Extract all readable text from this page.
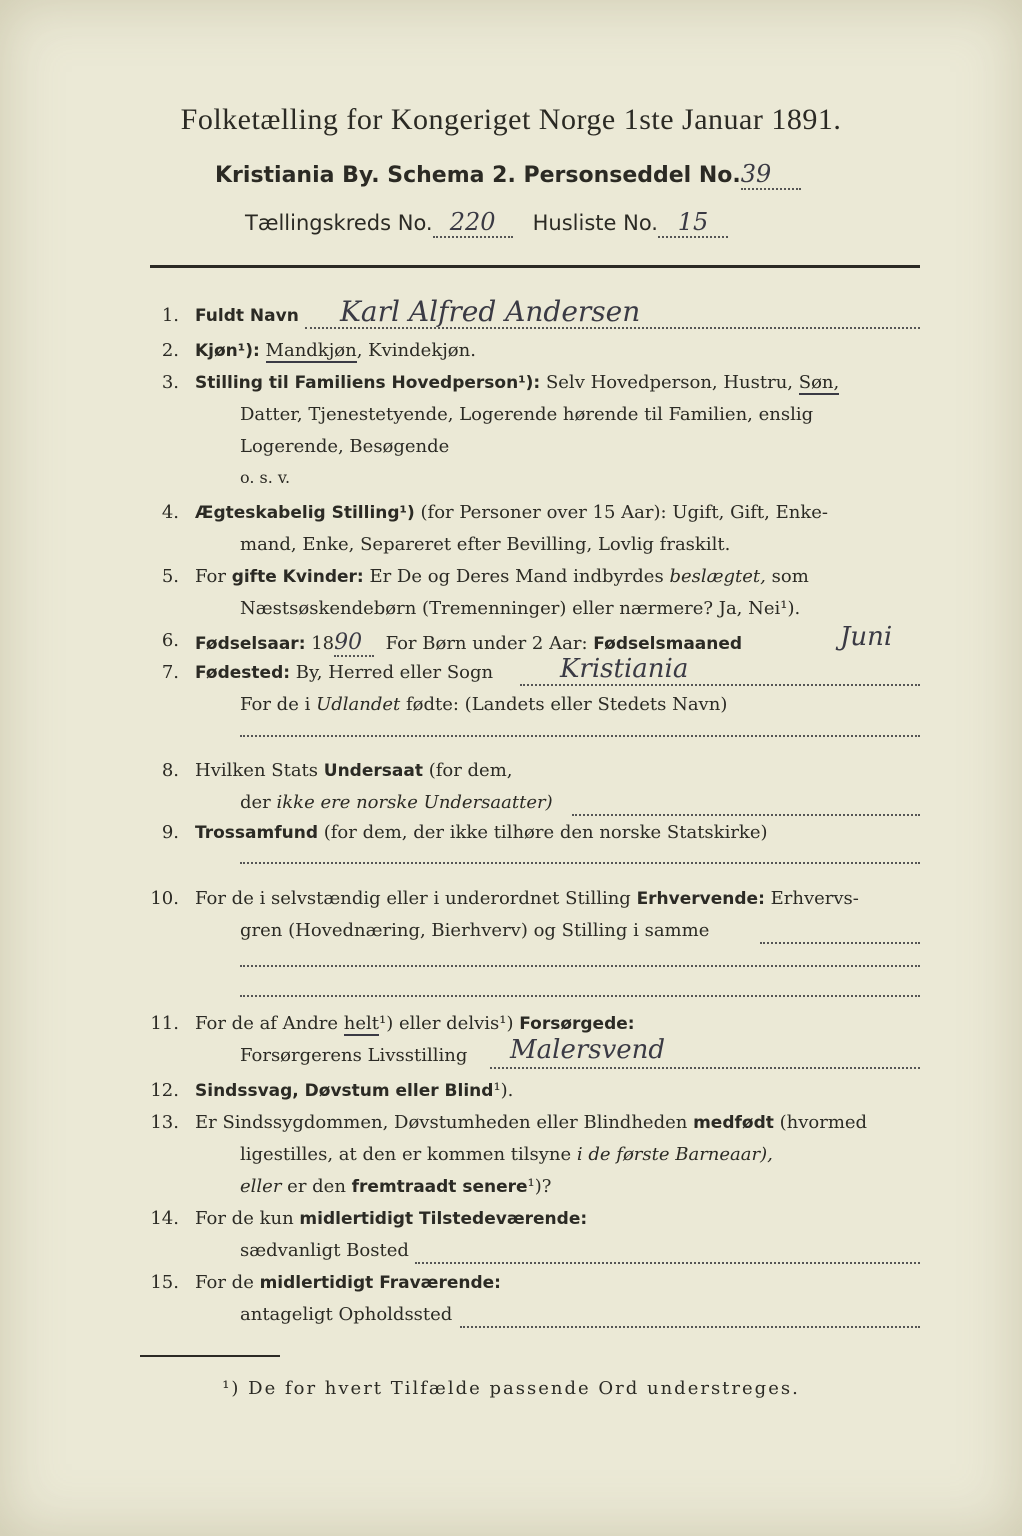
Folketælling for Kongeriget Norge 1ste Januar 1891.
Kristiania By. Schema 2. Personseddel No.39
Tællingskreds No. 220 Husliste No. 15
1. Fuldt Navn Karl Alfred Andersen
2. Kjøn¹): Mandkjøn, Kvindekjøn.
3. Stilling til Familiens Hovedperson¹): Selv Hovedperson, Hustru, Søn,
Datter, Tjenestetyende, Logerende hørende til Familien, enslig
Logerende, Besøgende
o. s. v.
4. Ægteskabelig Stilling¹) (for Personer over 15 Aar): Ugift, Gift, Enke-
mand, Enke, Separeret efter Bevilling, Lovlig fraskilt.
5. For gifte Kvinder: Er De og Deres Mand indbyrdes beslægtet, som
Næstsøskendebørn (Tremenninger) eller nærmere? Ja, Nei¹).
6. Fødselsaar: 1890 For Børn under 2 Aar: Fødselsmaaned	Juni
7. Fødested: By, Herred eller Sogn	Kristiania
For de i Udlandet fødte: (Landets eller Stedets Navn)
8. Hvilken Stats Undersaat (for dem,
der ikke ere norske Undersaatter)
9. Trossamfund (for dem, der ikke tilhøre den norske Statskirke)
10. For de i selvstændig eller i underordnet Stilling Erhvervende: Erhvervs-
gren (Hovednæring, Bierhverv) og Stilling i samme
11. For de af Andre helt¹) eller delvis¹) Forsørgede:
Forsørgerens Livsstilling Malersvend
12. Sindssvag, Døvstum eller Blind¹).
13. Er Sindssygdommen, Døvstumheden eller Blindheden medfødt (hvormed
ligestilles, at den er kommen tilsyne i de første Barneaar),
eller er den fremtraadt senere¹)?
14. For de kun midlertidigt Tilstedeværende:
sædvanligt Bosted
15. For de midlertidigt Fraværende:
antageligt Opholdssted
¹) De for hvert Tilfælde passende Ord understreges.
